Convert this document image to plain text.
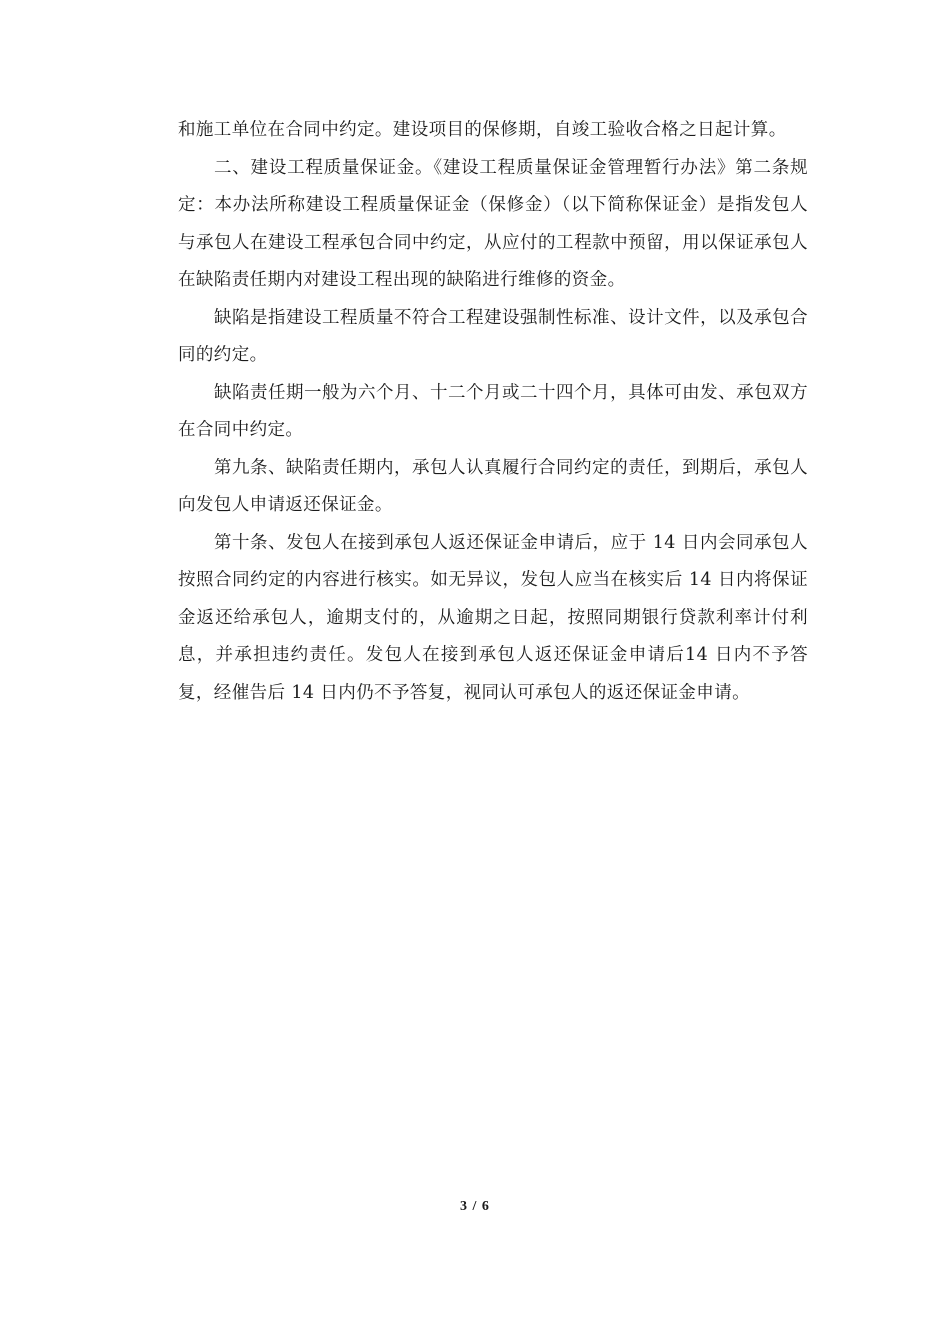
和施工单位在合同中约定。建设项目的保修期，自竣工验收合格之日起计算。

二、建设工程质量保证金。《建设工程质量保证金管理暂行办法》第二条规定：本办法所称建设工程质量保证金（保修金）（以下简称保证金）是指发包人与承包人在建设工程承包合同中约定，从应付的工程款中预留，用以保证承包人在缺陷责任期内对建设工程出现的缺陷进行维修的资金。

缺陷是指建设工程质量不符合工程建设强制性标准、设计文件，以及承包合同的约定。

缺陷责任期一般为六个月、十二个月或二十四个月，具体可由发、承包双方在合同中约定。

第九条、缺陷责任期内，承包人认真履行合同约定的责任，到期后，承包人向发包人申请返还保证金。

第十条、发包人在接到承包人返还保证金申请后，应于 14 日内会同承包人按照合同约定的内容进行核实。如无异议，发包人应当在核实后 14 日内将保证金返还给承包人，逾期支付的，从逾期之日起，按照同期银行贷款利率计付利息，并承担违约责任。发包人在接到承包人返还保证金申请后14 日内不予答复，经催告后 14 日内仍不予答复，视同认可承包人的返还保证金申请。

3 / 6
